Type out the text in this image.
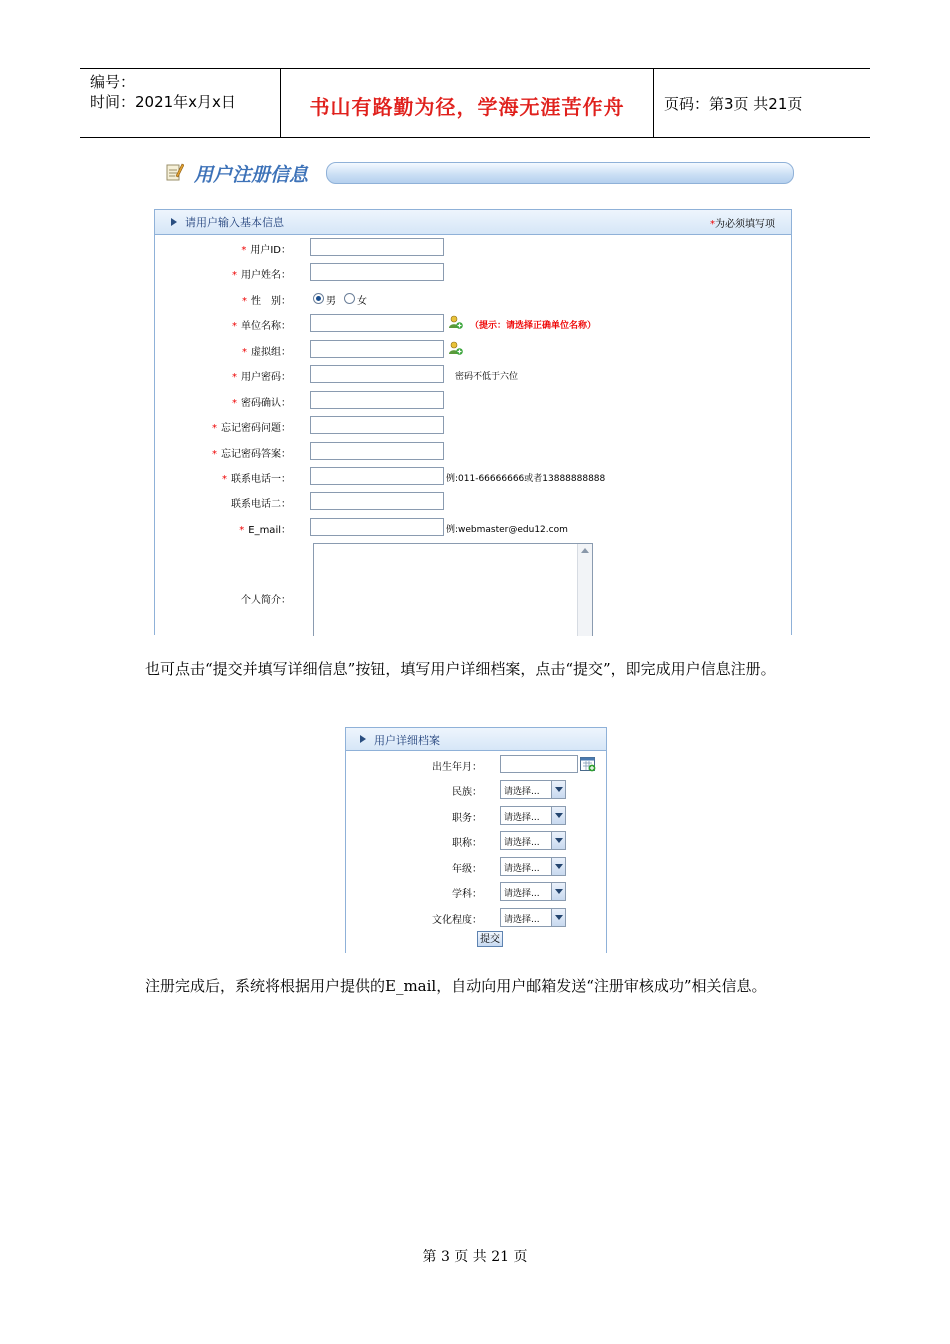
编号：
时间：2021年x月x日	书山有路勤为径，学海无涯苦作舟	页码：第3页 共21页
用户注册信息
请用户输入基本信息	*为必须填写项
* 用户ID：
* 用户姓名：
* 性　别：	男 女
* 单位名称：	（提示：请选择正确单位名称）
* 虚拟组：
* 用户密码：	密码不低于六位
* 密码确认：
* 忘记密码问题：
* 忘记密码答案：
* 联系电话一：	例:011-66666666或者13888888888
联系电话二：
* E_mail：	例:webmaster@edu12.com
个人简介：
也可点击“提交并填写详细信息”按钮，填写用户详细档案，点击“提交”，即完成用户信息注册。
用户详细档案
出生年月：
民族： 请选择...
职务： 请选择...
职称： 请选择...
年级： 请选择...
学科： 请选择...
文化程度： 请选择...
提交
注册完成后，系统将根据用户提供的E_mail，自动向用户邮箱发送“注册审核成功”相关信息。
第 3 页 共 21 页
